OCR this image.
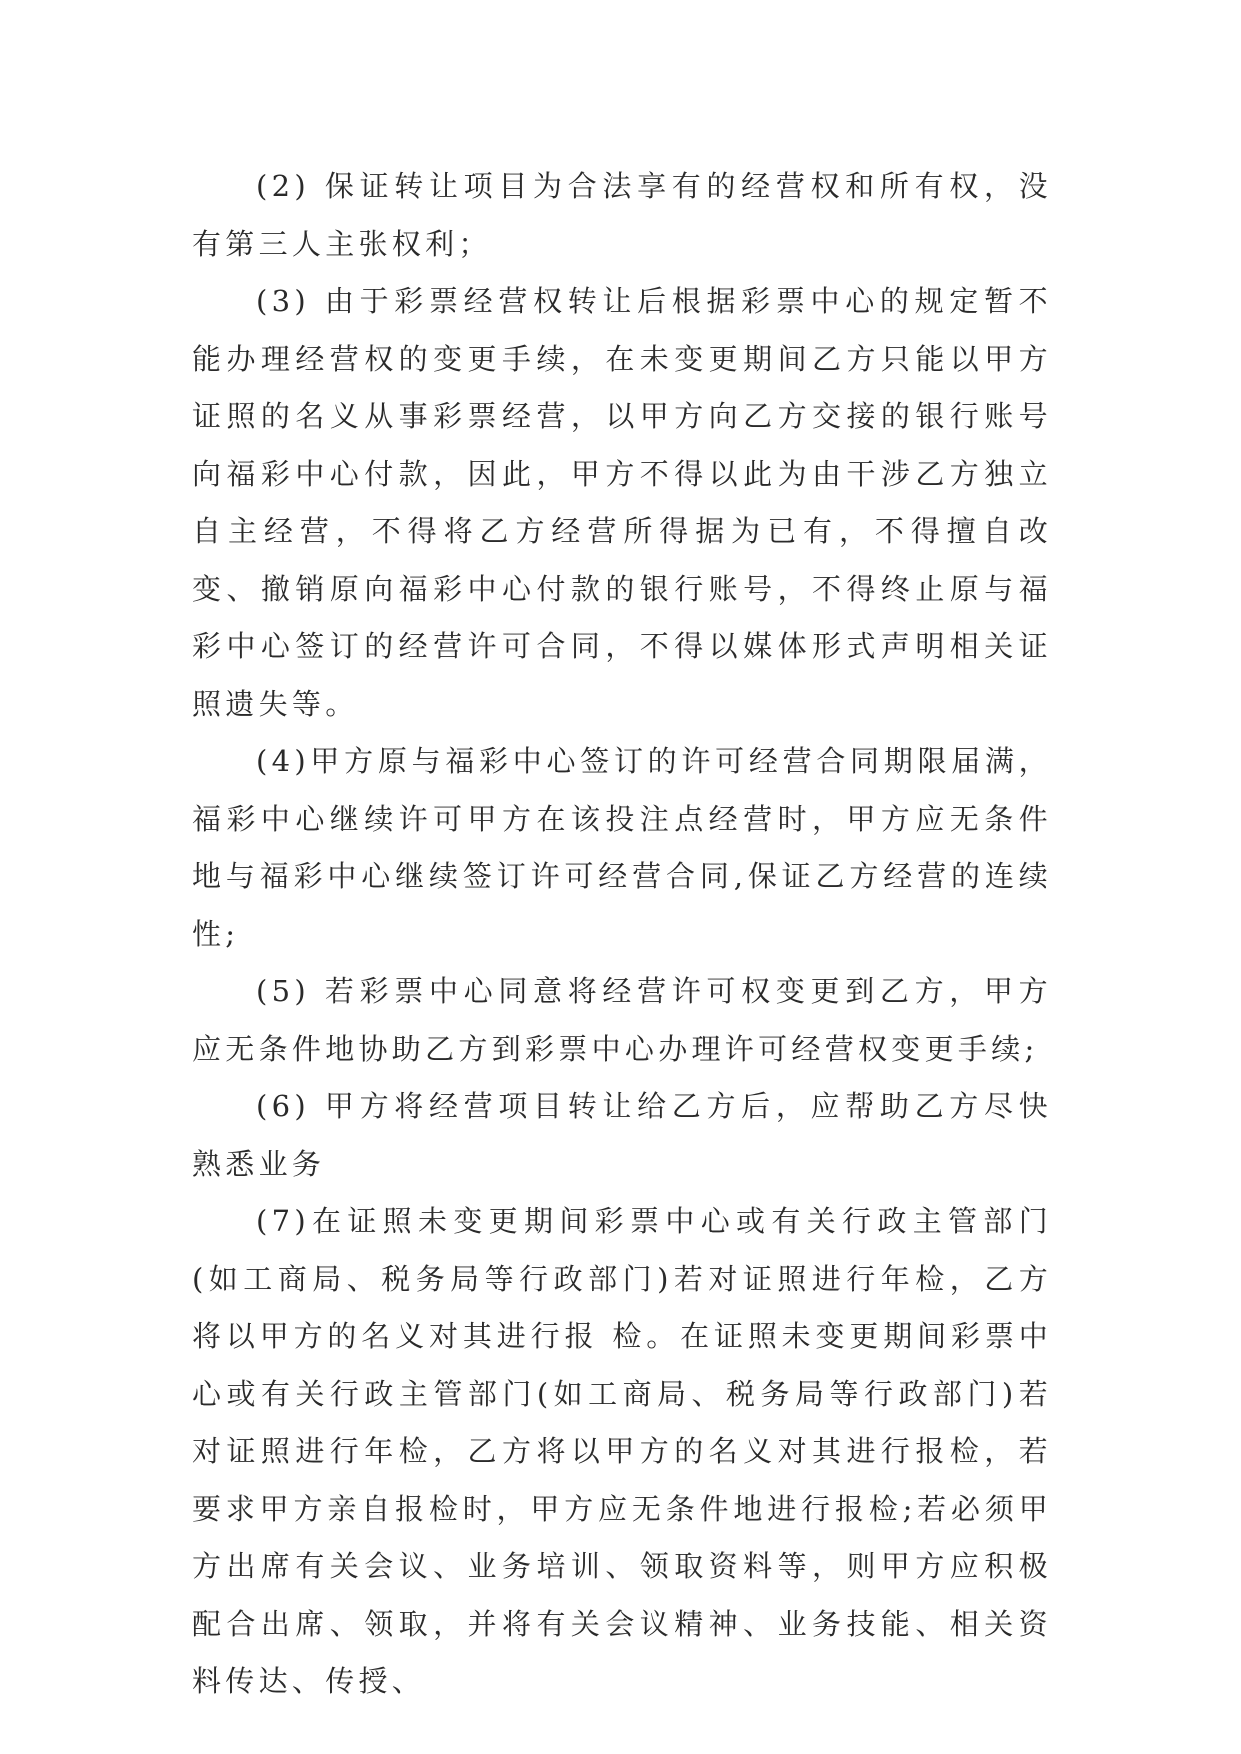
(2) 保证转让项目为合法享有的经营权和所有权，没有第三人主张权利；

(3) 由于彩票经营权转让后根据彩票中心的规定暂不能办理经营权的变更手续，在未变更期间乙方只能以甲方证照的名义从事彩票经营，以甲方向乙方交接的银行账号向福彩中心付款，因此，甲方不得以此为由干涉乙方独立自主经营，不得将乙方经营所得据为已有，不得擅自改变、撤销原向福彩中心付款的银行账号，不得终止原与福彩中心签订的经营许可合同，不得以媒体形式声明相关证照遗失等。

(4)甲方原与福彩中心签订的许可经营合同期限届满，福彩中心继续许可甲方在该投注点经营时，甲方应无条件地与福彩中心继续签订许可经营合同,保证乙方经营的连续性;

(5) 若彩票中心同意将经营许可权变更到乙方，甲方应无条件地协助乙方到彩票中心办理许可经营权变更手续;

(6) 甲方将经营项目转让给乙方后，应帮助乙方尽快熟悉业务

(7)在证照未变更期间彩票中心或有关行政主管部门(如工商局、税务局等行政部门)若对证照进行年检，乙方将以甲方的名义对其进行报 检。在证照未变更期间彩票中心或有关行政主管部门(如工商局、税务局等行政部门)若对证照进行年检，乙方将以甲方的名义对其进行报检，若要求甲方亲自报检时，甲方应无条件地进行报检;若必须甲方出席有关会议、业务培训、领取资料等，则甲方应积极配合出席、领取，并将有关会议精神、业务技能、相关资料传达、传授、
